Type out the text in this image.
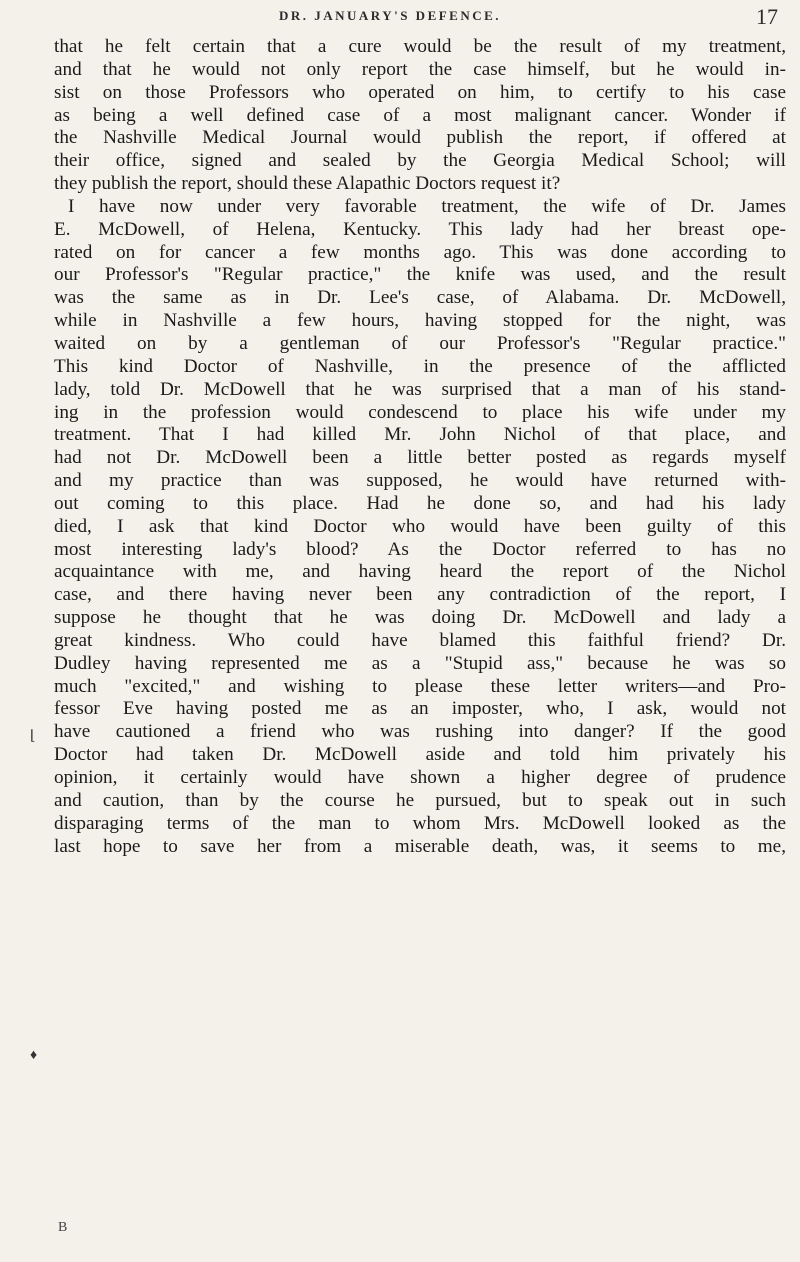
DR. JANUARY'S DEFENCE.	17
that he felt certain that a cure would be the result of my treatment,
and that he would not only report the case himself, but he would in-
sist on those Professors who operated on him, to certify to his case
as being a well defined case of a most malignant cancer. Wonder if
the Nashville Medical Journal would publish the report, if offered at
their office, signed and sealed by the Georgia Medical School; will
they publish the report, should these Alapathic Doctors request it?
I have now under very favorable treatment, the wife of Dr. James
E. McDowell, of Helena, Kentucky. This lady had her breast ope-
rated on for cancer a few months ago. This was done according to
our Professor's "Regular practice," the knife was used, and the result
was the same as in Dr. Lee's case, of Alabama. Dr. McDowell,
while in Nashville a few hours, having stopped for the night, was
waited on by a gentleman of our Professor's "Regular practice."
This kind Doctor of Nashville, in the presence of the afflicted
lady, told Dr. McDowell that he was surprised that a man of his stand-
ing in the profession would condescend to place his wife under my
treatment. That I had killed Mr. John Nichol of that place, and
had not Dr. McDowell been a little better posted as regards myself
and my practice than was supposed, he would have returned with-
out coming to this place. Had he done so, and had his lady
died, I ask that kind Doctor who would have been guilty of this
most interesting lady's blood? As the Doctor referred to has no
acquaintance with me, and having heard the report of the Nichol
case, and there having never been any contradiction of the report, I
suppose he thought that he was doing Dr. McDowell and lady a
great kindness. Who could have blamed this faithful friend? Dr.
Dudley having represented me as a "Stupid ass," because he was so
much "excited," and wishing to please these letter writers—and Pro-
fessor Eve having posted me as an imposter, who, I ask, would not
have cautioned a friend who was rushing into danger? If the good
Doctor had taken Dr. McDowell aside and told him privately his
opinion, it certainly would have shown a higher degree of prudence
and caution, than by the course he pursued, but to speak out in such
disparaging terms of the man to whom Mrs. McDowell looked as the
last hope to save her from a miserable death, was, it seems to me,
⌊
♦
B
